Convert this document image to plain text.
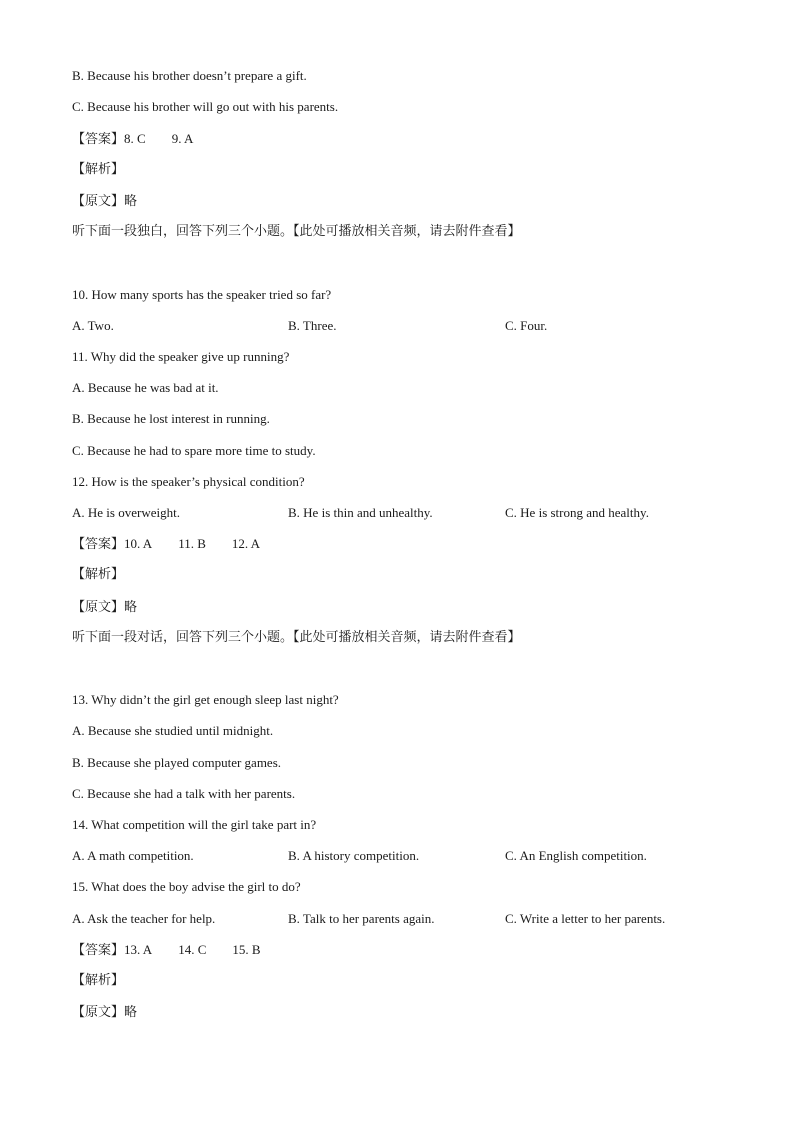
B. Because his brother doesn’t prepare a gift.
C. Because his brother will go out with his parents.
【答案】8. C 9. A
【解析】
【原文】略
听下面一段独白，回答下列三个小题。【此处可播放相关音频，请去附件查看】
10. How many sports has the speaker tried so far?
A. Two.	B. Three.	C. Four.
11. Why did the speaker give up running?
A. Because he was bad at it.
B. Because he lost interest in running.
C. Because he had to spare more time to study.
12. How is the speaker’s physical condition?
A. He is overweight.	B. He is thin and unhealthy.	C. He is strong and healthy.
【答案】10. A 11. B 12. A
【解析】
【原文】略
听下面一段对话，回答下列三个小题。【此处可播放相关音频，请去附件查看】
13. Why didn’t the girl get enough sleep last night?
A. Because she studied until midnight.
B. Because she played computer games.
C. Because she had a talk with her parents.
14. What competition will the girl take part in?
A. A math competition.	B. A history competition.	C. An English competition.
15. What does the boy advise the girl to do?
A. Ask the teacher for help.	B. Talk to her parents again.	C. Write a letter to her parents.
【答案】13. A 14. C 15. B
【解析】
【原文】略
